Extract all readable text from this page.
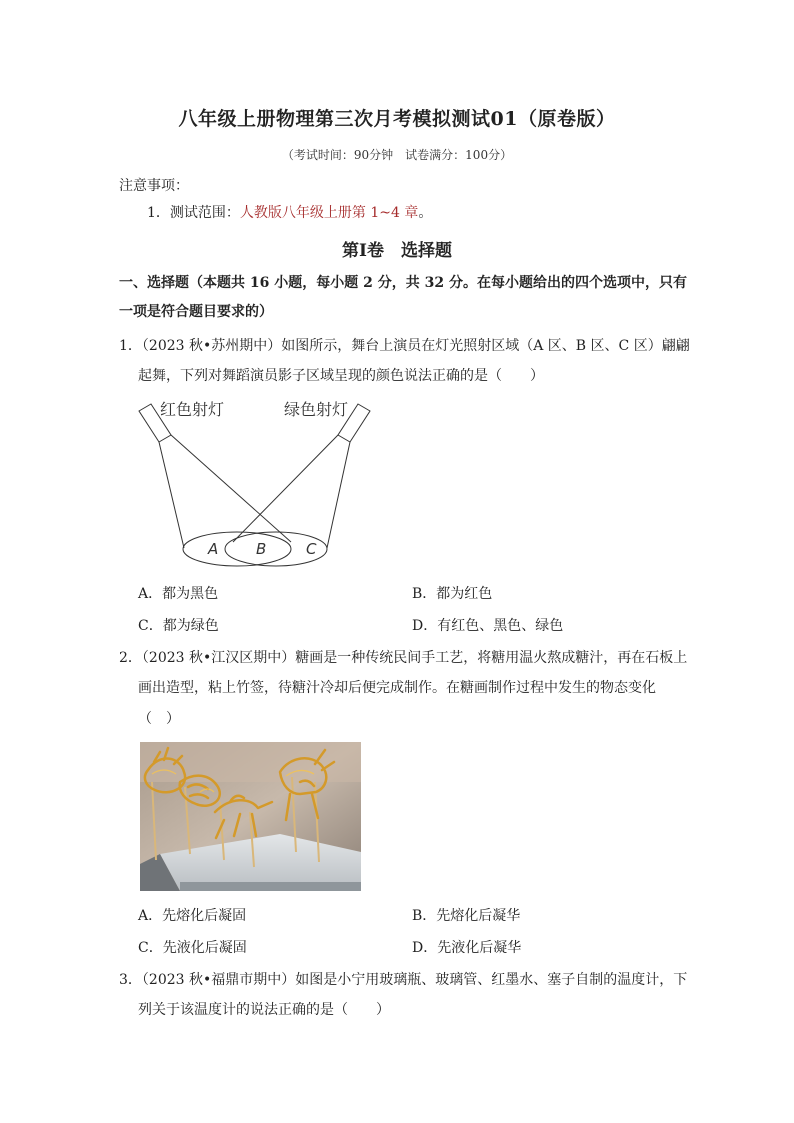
八年级上册物理第三次月考模拟测试01（原卷版）
（考试时间：90分钟　试卷满分：100分）
注意事项：
1．测试范围：人教版八年级上册第 1~4 章。
第Ⅰ卷　选择题
一、选择题（本题共 16 小题，每小题 2 分，共 32 分。在每小题给出的四个选项中，只有
一项是符合题目要求的）
1．（2023 秋•苏州期中）如图所示，舞台上演员在灯光照射区域（A 区、B 区、C 区）翩翩
起舞，下列对舞蹈演员影子区域呈现的颜色说法正确的是（　　）
红色射灯	绿色射灯
A	B	C
A．都为黑色	B．都为红色
C．都为绿色	D．有红色、黑色、绿色
2．（2023 秋•江汉区期中）糖画是一种传统民间手工艺，将糖用温火熬成糖汁，再在石板上
画出造型，粘上竹签，待糖汁冷却后便完成制作。在糖画制作过程中发生的物态变化
（　）
A．先熔化后凝固	B．先熔化后凝华
C．先液化后凝固	D．先液化后凝华
3．（2023 秋•福鼎市期中）如图是小宁用玻璃瓶、玻璃管、红墨水、塞子自制的温度计，下
列关于该温度计的说法正确的是（　　）
